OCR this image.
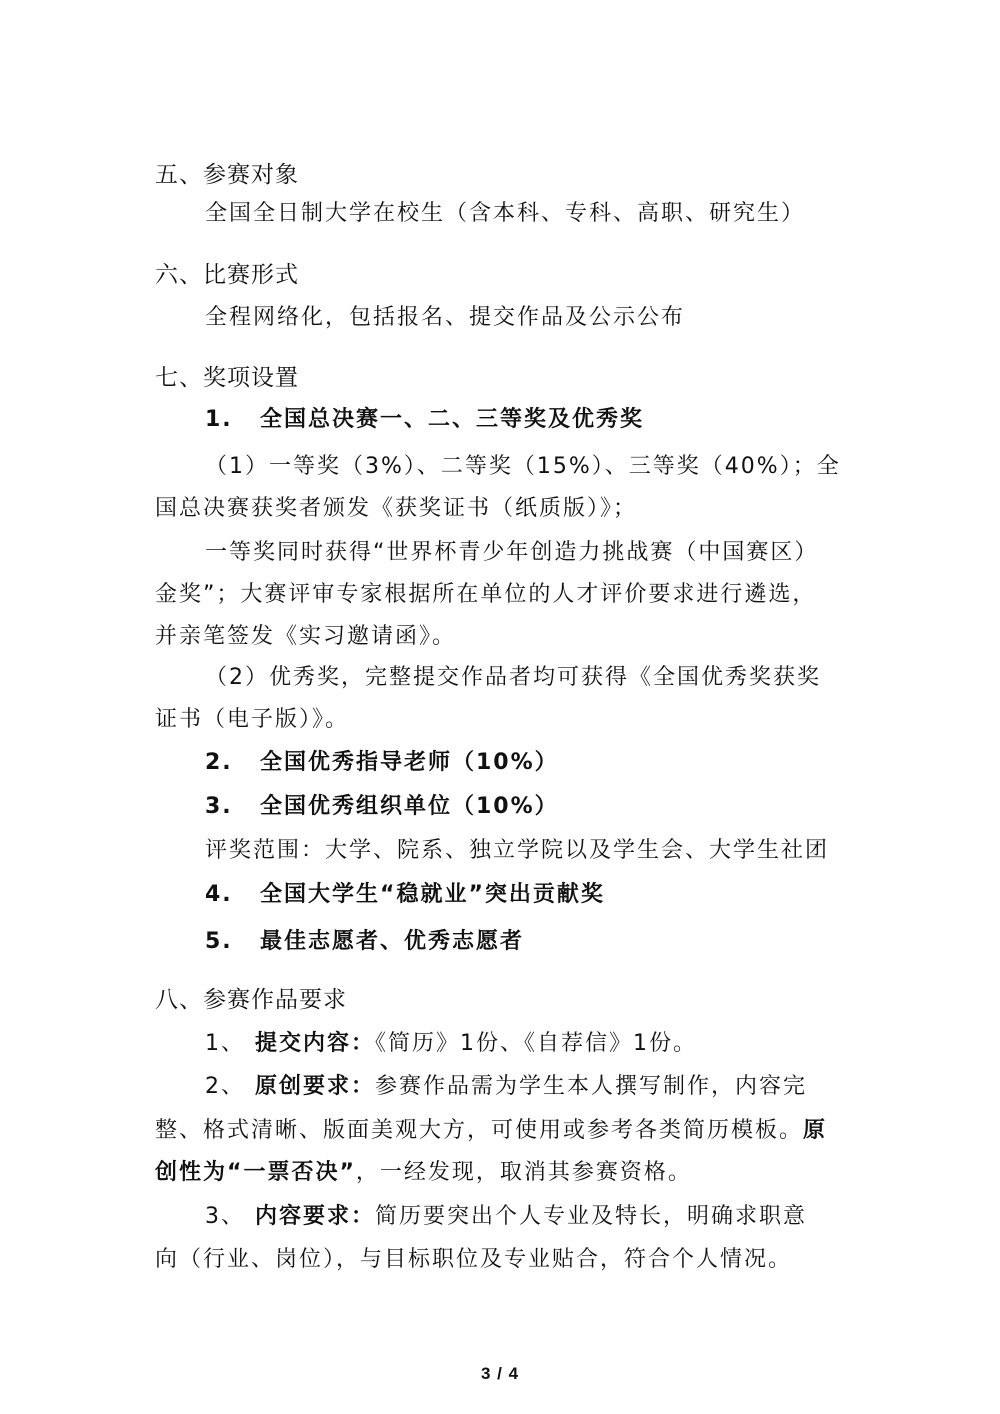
五、参赛对象
全国全日制大学在校生（含本科、专科、高职、研究生）
六、比赛形式
全程网络化，包括报名、提交作品及公示公布
七、奖项设置
1. 全国总决赛一、二、三等奖及优秀奖
（1）一等奖（3%）、二等奖（15%）、三等奖（40%）；全
国总决赛获奖者颁发《获奖证书（纸质版）》；
一等奖同时获得“世界杯青少年创造力挑战赛（中国赛区）
金奖”；大赛评审专家根据所在单位的人才评价要求进行遴选，
并亲笔签发《实习邀请函》。
（2）优秀奖，完整提交作品者均可获得《全国优秀奖获奖
证书（电子版）》。
2. 全国优秀指导老师（10%）
3. 全国优秀组织单位（10%）
评奖范围：大学、院系、独立学院以及学生会、大学生社团
4. 全国大学生“稳就业”突出贡献奖
5. 最佳志愿者、优秀志愿者
八、参赛作品要求
1、 提交内容：《简历》1份、《自荐信》1份。
2、 原创要求：参赛作品需为学生本人撰写制作，内容完
整、格式清晰、版面美观大方，可使用或参考各类简历模板。原
创性为“一票否决”，一经发现，取消其参赛资格。
3、 内容要求：简历要突出个人专业及特长，明确求职意
向（行业、岗位），与目标职位及专业贴合，符合个人情况。
3 / 4
